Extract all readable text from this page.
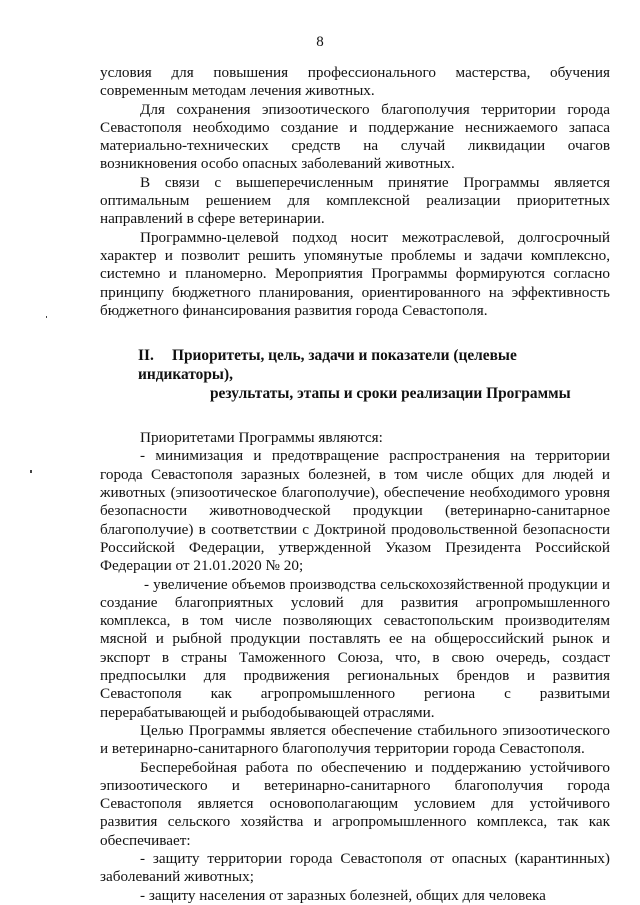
8

условия для повышения профессионального мастерства, обучения современным методам лечения животных.

Для сохранения эпизоотического благополучия территории города Севастополя необходимо создание и поддержание неснижаемого запаса материально-технических средств на случай ликвидации очагов возникновения особо опасных заболеваний животных.

В связи с вышеперечисленным принятие Программы является оптимальным решением для комплексной реализации приоритетных направлений в сфере ветеринарии.

Программно-целевой подход носит межотраслевой, долгосрочный характер и позволит решить упомянутые проблемы и задачи комплексно, системно и планомерно. Мероприятия Программы формируются согласно принципу бюджетного планирования, ориентированного на эффективность бюджетного финансирования развития города Севастополя.

II. Приоритеты, цель, задачи и показатели (целевые индикаторы),
результаты, этапы и сроки реализации Программы

Приоритетами Программы являются:

- минимизация и предотвращение распространения на территории города Севастополя заразных болезней, в том числе общих для людей и животных (эпизоотическое благополучие), обеспечение необходимого уровня безопасности животноводческой продукции (ветеринарно-санитарное благополучие) в соответствии с Доктриной продовольственной безопасности Российской Федерации, утвержденной Указом Президента Российской Федерации от 21.01.2020 № 20;

- увеличение объемов производства сельскохозяйственной продукции и создание благоприятных условий для развития агропромышленного комплекса, в том числе позволяющих севастопольским производителям мясной и рыбной продукции поставлять ее на общероссийский рынок и экспорт в страны Таможенного Союза, что, в свою очередь, создаст предпосылки для продвижения региональных брендов и развития Севастополя как агропромышленного региона с развитыми перерабатывающей и рыбодобывающей отраслями.

Целью Программы является обеспечение стабильного эпизоотического и ветеринарно-санитарного благополучия территории города Севастополя.

Бесперебойная работа по обеспечению и поддержанию устойчивого эпизоотического и ветеринарно-санитарного благополучия города Севастополя является основополагающим условием для устойчивого развития сельского хозяйства и агропромышленного комплекса, так как обеспечивает:

- защиту территории города Севастополя от опасных (карантинных) заболеваний животных;

- защиту населения от заразных болезней, общих для человека
